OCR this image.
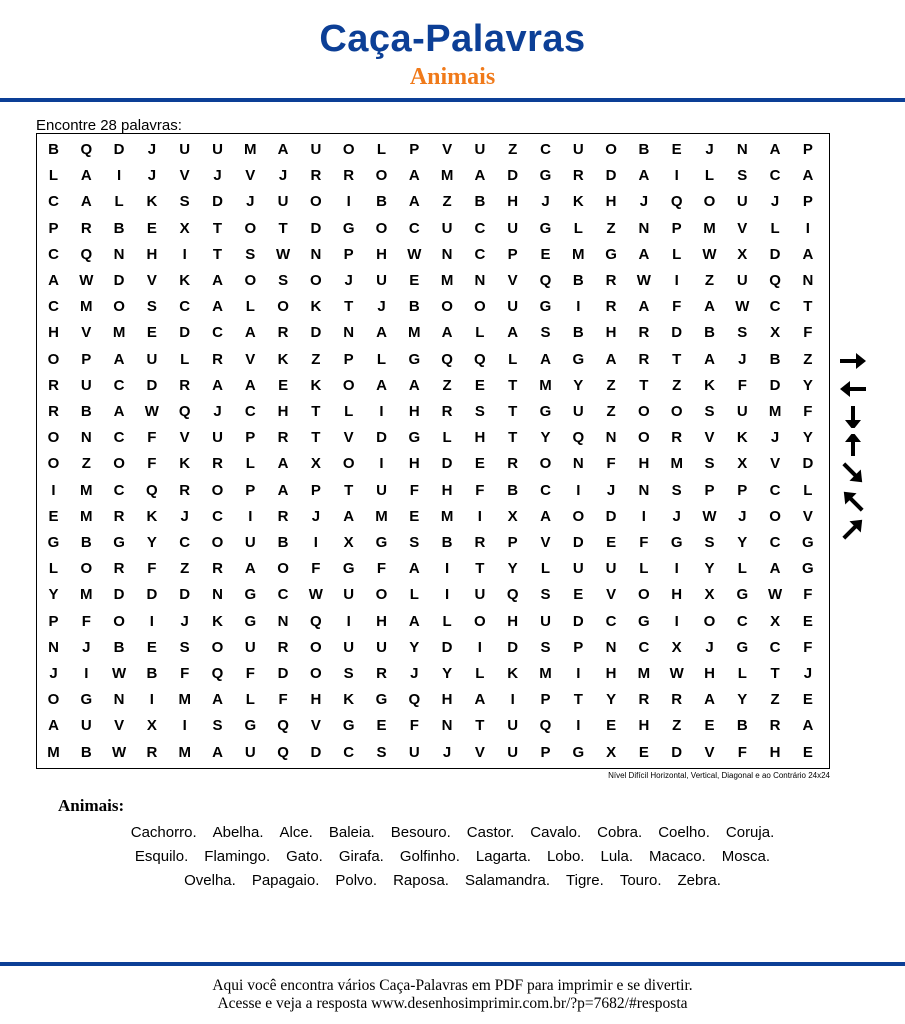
Caça-Palavras
Animais
Encontre 28 palavras:
B	Q	D	J	U	U	M	A	U	O	L	P	V	U	Z	C	U	O	B	E	J	N	A	P
L	A	I	J	V	J	V	J	R	R	O	A	M	A	D	G	R	D	A	I	L	S	C	A
C	A	L	K	S	D	J	U	O	I	B	A	Z	B	H	J	K	H	J	Q	O	U	J	P
P	R	B	E	X	T	O	T	D	G	O	C	U	C	U	G	L	Z	N	P	M	V	L	I
C	Q	N	H	I	T	S	W	N	P	H	W	N	C	P	E	M	G	A	L	W	X	D	A
A	W	D	V	K	A	O	S	O	J	U	E	M	N	V	Q	B	R	W	I	Z	U	Q	N
C	M	O	S	C	A	L	O	K	T	J	B	O	O	U	G	I	R	A	F	A	W	C	T
H	V	M	E	D	C	A	R	D	N	A	M	A	L	A	S	B	H	R	D	B	S	X	F
O	P	A	U	L	R	V	K	Z	P	L	G	Q	Q	L	A	G	A	R	T	A	J	B	Z
R	U	C	D	R	A	A	E	K	O	A	A	Z	E	T	M	Y	Z	T	Z	K	F	D	Y
R	B	A	W	Q	J	C	H	T	L	I	H	R	S	T	G	U	Z	O	O	S	U	M	F
O	N	C	F	V	U	P	R	T	V	D	G	L	H	T	Y	Q	N	O	R	V	K	J	Y
O	Z	O	F	K	R	L	A	X	O	I	H	D	E	R	O	N	F	H	M	S	X	V	D
I	M	C	Q	R	O	P	A	P	T	U	F	H	F	B	C	I	J	N	S	P	P	C	L
E	M	R	K	J	C	I	R	J	A	M	E	M	I	X	A	O	D	I	J	W	J	O	V
G	B	G	Y	C	O	U	B	I	X	G	S	B	R	P	V	D	E	F	G	S	Y	C	G
L	O	R	F	Z	R	A	O	F	G	F	A	I	T	Y	L	U	U	L	I	Y	L	A	G
Y	M	D	D	D	N	G	C	W	U	O	L	I	U	Q	S	E	V	O	H	X	G	W	F
P	F	O	I	J	K	G	N	Q	I	H	A	L	O	H	U	D	C	G	I	O	C	X	E
N	J	B	E	S	O	U	R	O	U	U	Y	D	I	D	S	P	N	C	X	J	G	C	F
J	I	W	B	F	Q	F	D	O	S	R	J	Y	L	K	M	I	H	M	W	H	L	T	J
O	G	N	I	M	A	L	F	H	K	G	Q	H	A	I	P	T	Y	R	R	A	Y	Z	E
A	U	V	X	I	S	G	Q	V	G	E	F	N	T	U	Q	I	E	H	Z	E	B	R	A
M	B	W	R	M	A	U	Q	D	C	S	U	J	V	U	P	G	X	E	D	V	F	H	E
Nível Difícil Horizontal, Vertical, Diagonal e ao Contrário 24x24
Animais:
Cachorro. Abelha. Alce. Baleia. Besouro. Castor. Cavalo. Cobra. Coelho. Coruja.
Esquilo. Flamingo. Gato. Girafa. Golfinho. Lagarta. Lobo. Lula. Macaco. Mosca.
Ovelha. Papagaio. Polvo. Raposa. Salamandra. Tigre. Touro. Zebra.
Aqui você encontra vários Caça-Palavras em PDF para imprimir e se divertir.
Acesse e veja a resposta www.desenhosimprimir.com.br/?p=7682/#resposta
